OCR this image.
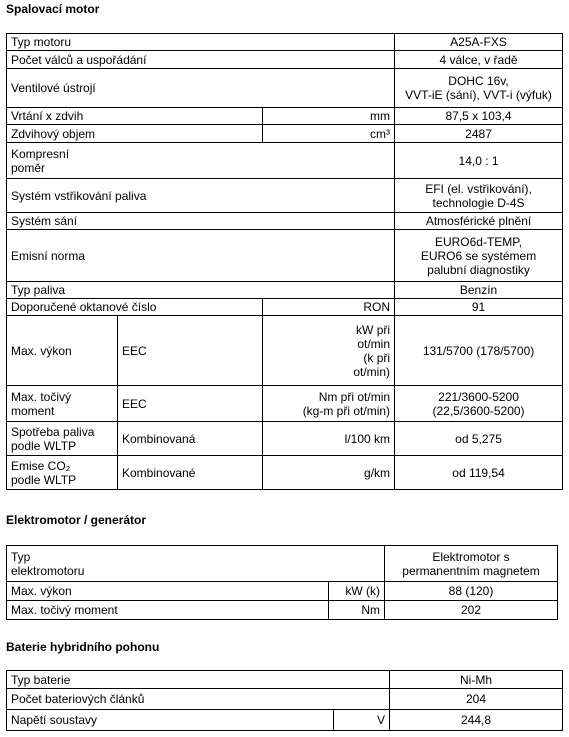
Spalovací motor
Typ motoru			A25A-FXS
Počet válců a uspořádání			4 válce, v řadě
Ventilové ústrojí			DOHC 16v,
VVT-iE (sání), VVT-i (výfuk)
Vrtání x zdvih		mm	87,5 x 103,4
Zdvihový objem		cm³	2487
Kompresní
poměr			14,0 : 1
Systém vstřikování paliva			EFI (el. vstřikování),
technologie D-4S
Systém sání			Atmosférické plnění
Emisní norma			EURO6d-TEMP,
EURO6 se systémem
palubní diagnostiky
Typ paliva			Benzín
Doporučené oktanové číslo		RON	91
Max. výkon	EEC	kW při
ot/min
(k při
ot/min)	131/5700 (178/5700)
Max. točivý
moment	EEC	Nm při ot/min
(kg-m při ot/min)	221/3600-5200
(22,5/3600-5200)
Spotřeba paliva
podle WLTP	Kombinovaná	l/100 km	od 5,275
Emise CO₂
podle WLTP	Kombinované	g/km	od 119,54
Elektromotor / generátor
Typ
elektromotoru		Elektromotor s
permanentním magnetem
Max. výkon	kW (k)	88 (120)
Max. točivý moment	Nm	202
Baterie hybridního pohonu
Typ baterie		Ni-Mh
Počet bateriových článků		204
Napětí soustavy	V	244,8
